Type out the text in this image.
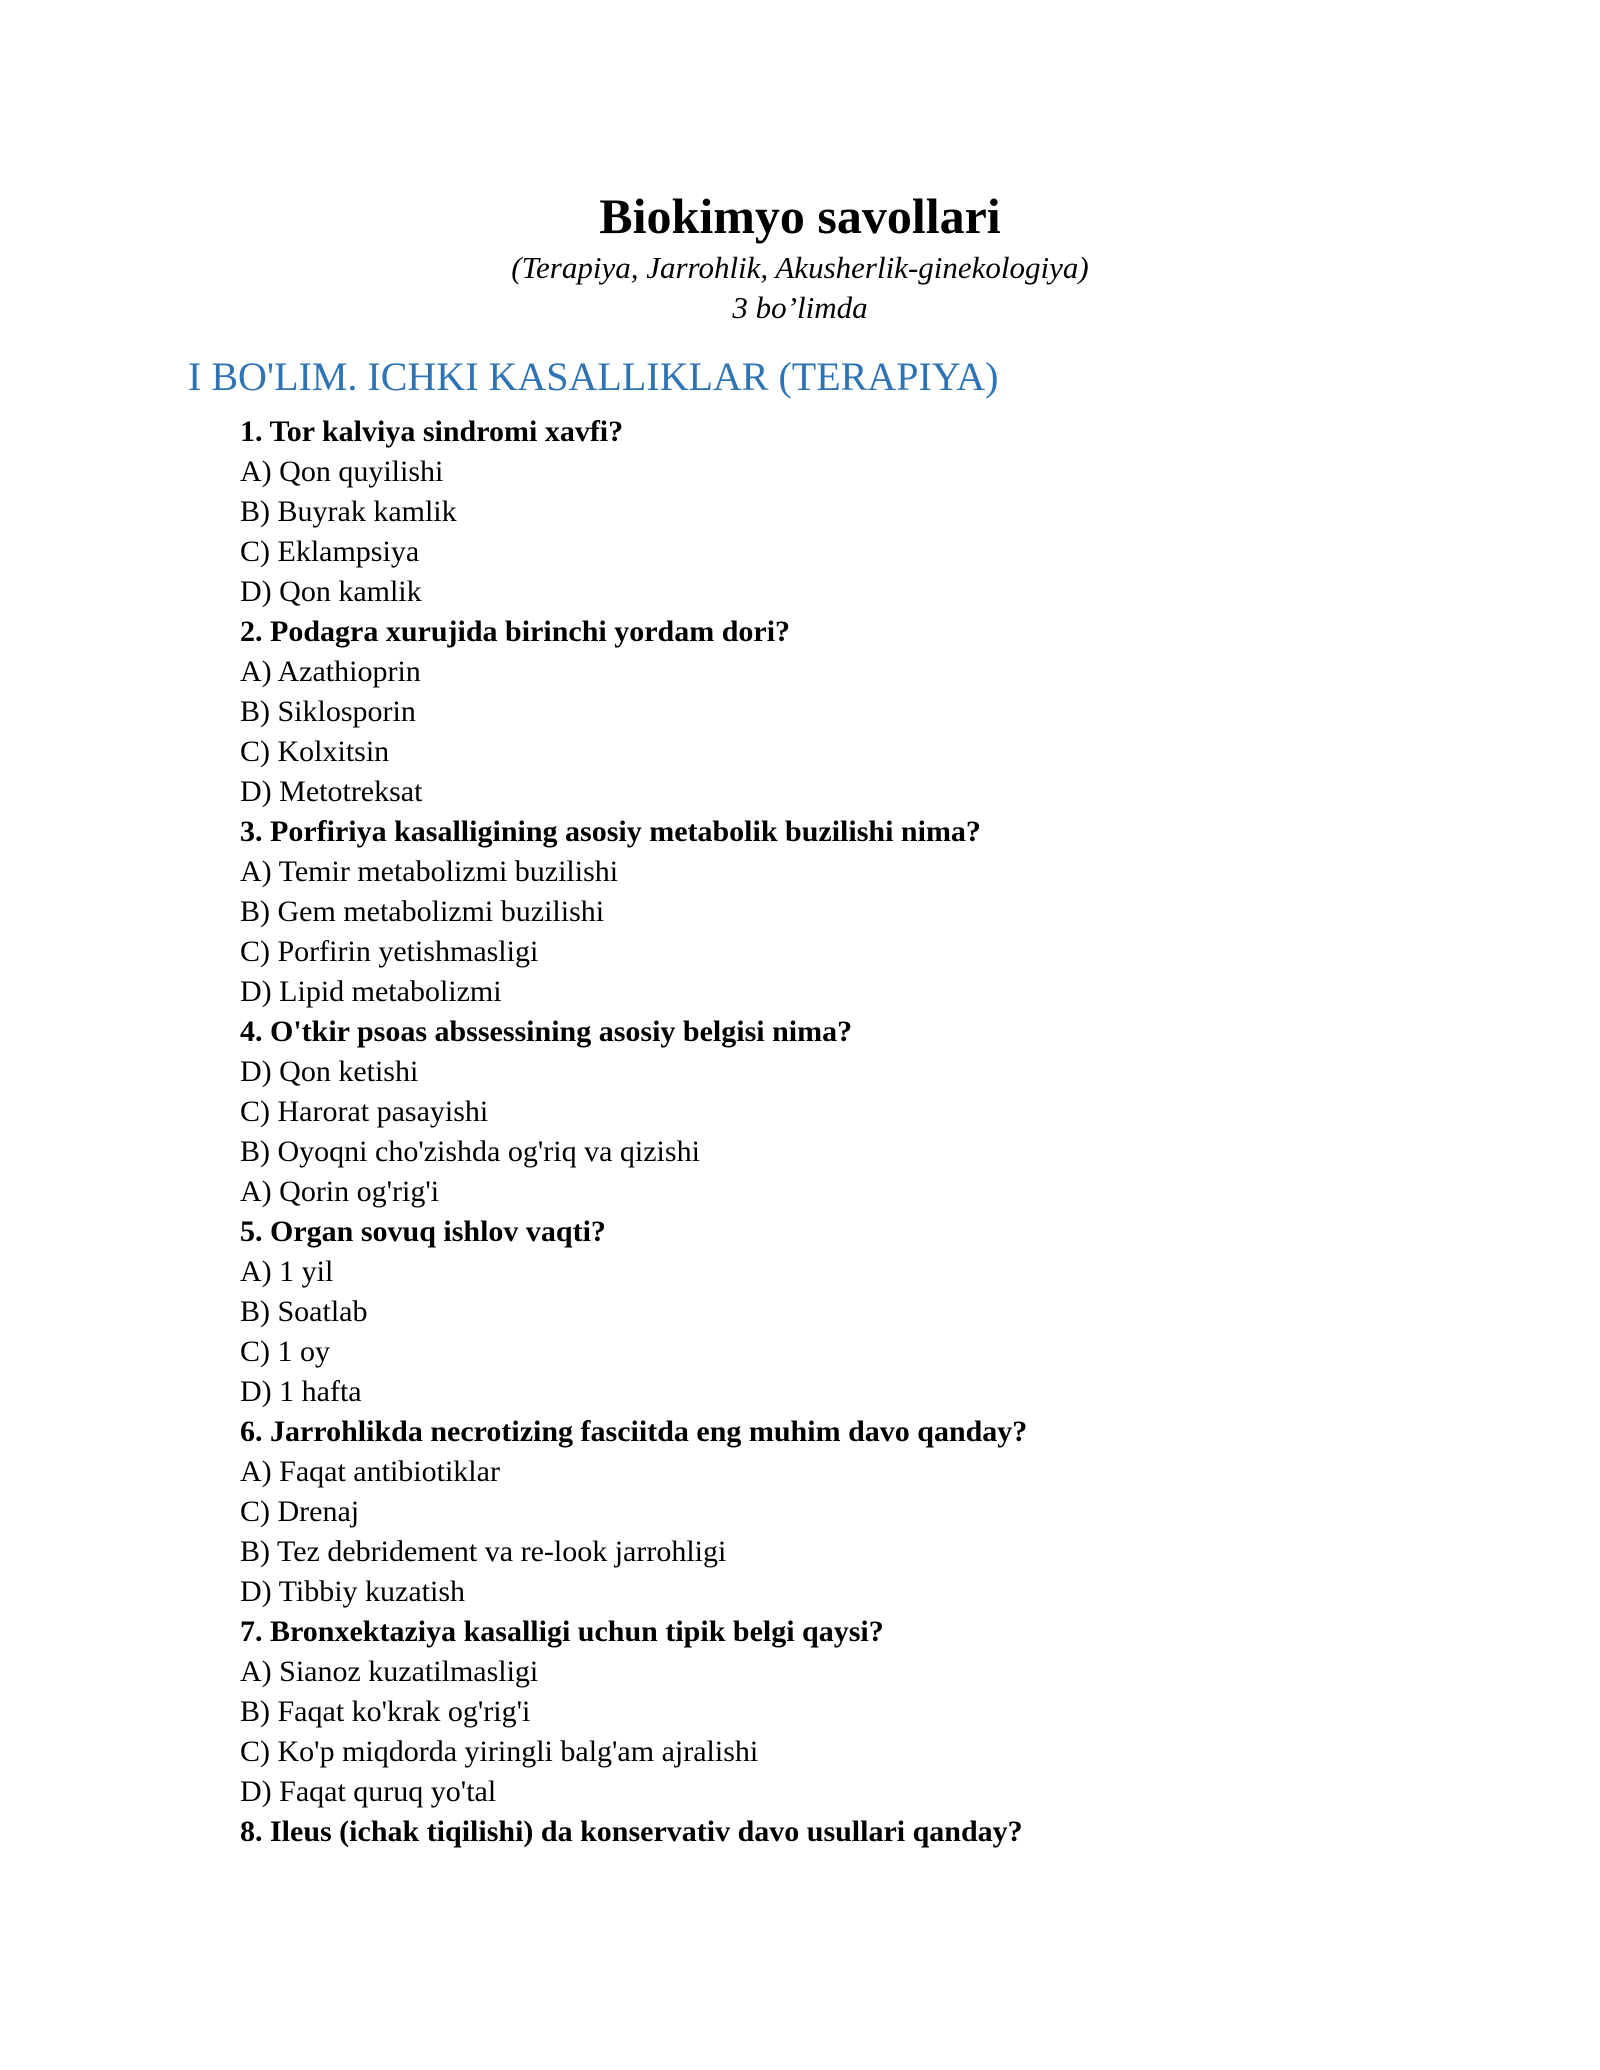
Biokimyo savollari
(Terapiya, Jarrohlik, Akusherlik-ginekologiya)
3 bo’limda
I BO'LIM. ICHKI KASALLIKLAR (TERAPIYA)
1. Tor kalviya sindromi xavfi?
A) Qon quyilishi
B) Buyrak kamlik
C) Eklampsiya
D) Qon kamlik
2. Podagra xurujida birinchi yordam dori?
A) Azathioprin
B) Siklosporin
C) Kolxitsin
D) Metotreksat
3. Porfiriya kasalligining asosiy metabolik buzilishi nima?
A) Temir metabolizmi buzilishi
B) Gem metabolizmi buzilishi
C) Porfirin yetishmasligi
D) Lipid metabolizmi
4. O'tkir psoas abssessining asosiy belgisi nima?
D) Qon ketishi
C) Harorat pasayishi
B) Oyoqni cho'zishda og'riq va qizishi
A) Qorin og'rig'i
5. Organ sovuq ishlov vaqti?
A) 1 yil
B) Soatlab
C) 1 oy
D) 1 hafta
6. Jarrohlikda necrotizing fasciitda eng muhim davo qanday?
A) Faqat antibiotiklar
C) Drenaj
B) Tez debridement va re-look jarrohligi
D) Tibbiy kuzatish
7. Bronxektaziya kasalligi uchun tipik belgi qaysi?
A) Sianoz kuzatilmasligi
B) Faqat ko'krak og'rig'i
C) Ko'p miqdorda yiringli balg'am ajralishi
D) Faqat quruq yo'tal
8. Ileus (ichak tiqilishi) da konservativ davo usullari qanday?
